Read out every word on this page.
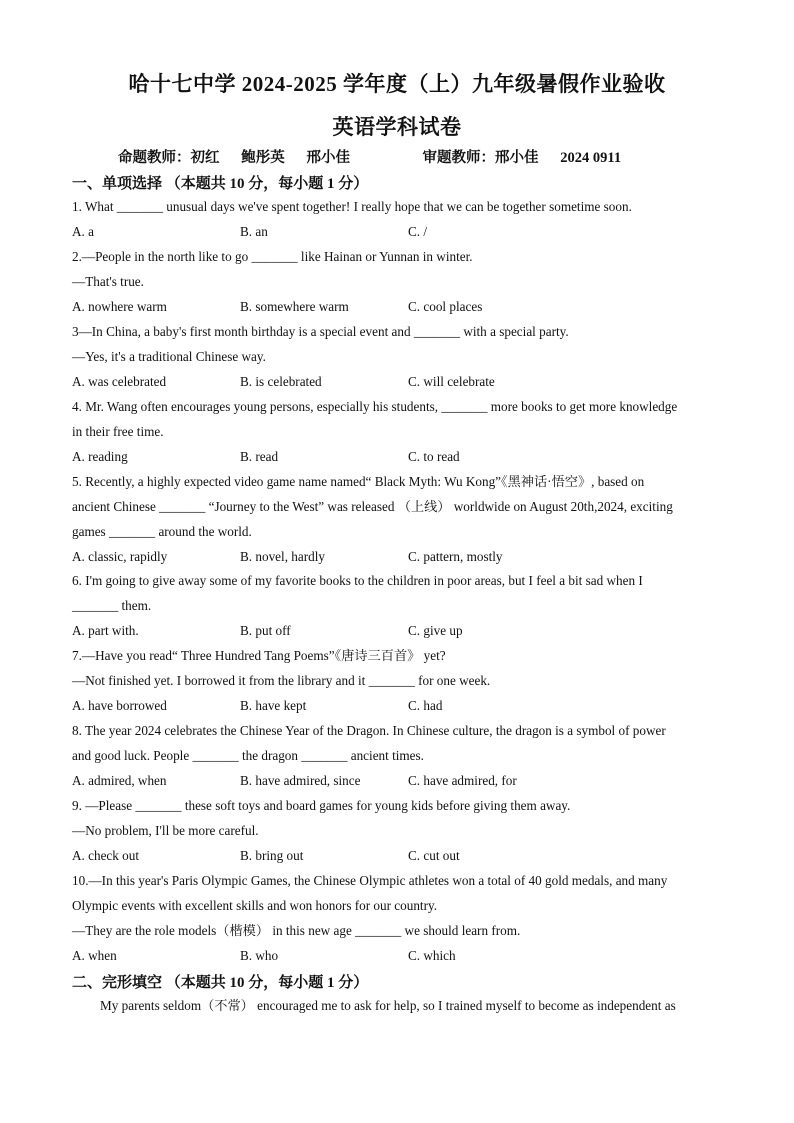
哈十七中学 2024-2025 学年度（上）九年级暑假作业验收
英语学科试卷
命题教师：初红      鲍彤英      邢小佳                    审题教师：邢小佳      2024 0911
一、单项选择 （本题共 10 分，每小题 1 分）
1. What _______ unusual days we've spent together! I really hope that we can be together sometime soon.
A. a	B. an	C. /
2.—People in the north like to go _______ like Hainan or Yunnan in winter.
—That's true.
A. nowhere warm	B. somewhere warm	C. cool places
3—In China, a baby's first month birthday is a special event and _______ with a special party.
—Yes, it's a traditional Chinese way.
A. was celebrated	B. is celebrated	C. will celebrate
4. Mr. Wang often encourages young persons, especially his students, _______ more books to get more knowledge
in their free time.
A. reading	B. read	C. to read
5. Recently, a highly expected video game name named“ Black Myth: Wu Kong”《黑神话·悟空》, based on
ancient Chinese _______ “Journey to the West” was released （上线） worldwide on August 20th,2024, exciting
games _______ around the world.
A. classic, rapidly	B. novel, hardly	C. pattern, mostly
6. I'm going to give away some of my favorite books to the children in poor areas, but I feel a bit sad when I
_______ them.
A. part with.	B. put off	C. give up
7.—Have you read“ Three Hundred Tang Poems”《唐诗三百首》 yet?
—Not finished yet. I borrowed it from the library and it _______ for one week.
A. have borrowed	B. have kept	C. had
8. The year 2024 celebrates the Chinese Year of the Dragon. In Chinese culture, the dragon is a symbol of power
and good luck. People _______ the dragon _______ ancient times.
A. admired, when	B. have admired, since	C. have admired, for
9. —Please _______ these soft toys and board games for young kids before giving them away.
—No problem, I'll be more careful.
A. check out	B. bring out	C. cut out
10.—In this year's Paris Olympic Games, the Chinese Olympic athletes won a total of 40 gold medals, and many
Olympic events with excellent skills and won honors for our country.
—They are the role models（楷模） in this new age _______ we should learn from.
A. when	B. who	C. which
二、完形填空 （本题共 10 分，每小题 1 分）
My parents seldom（不常） encouraged me to ask for help, so I trained myself to become as independent as
